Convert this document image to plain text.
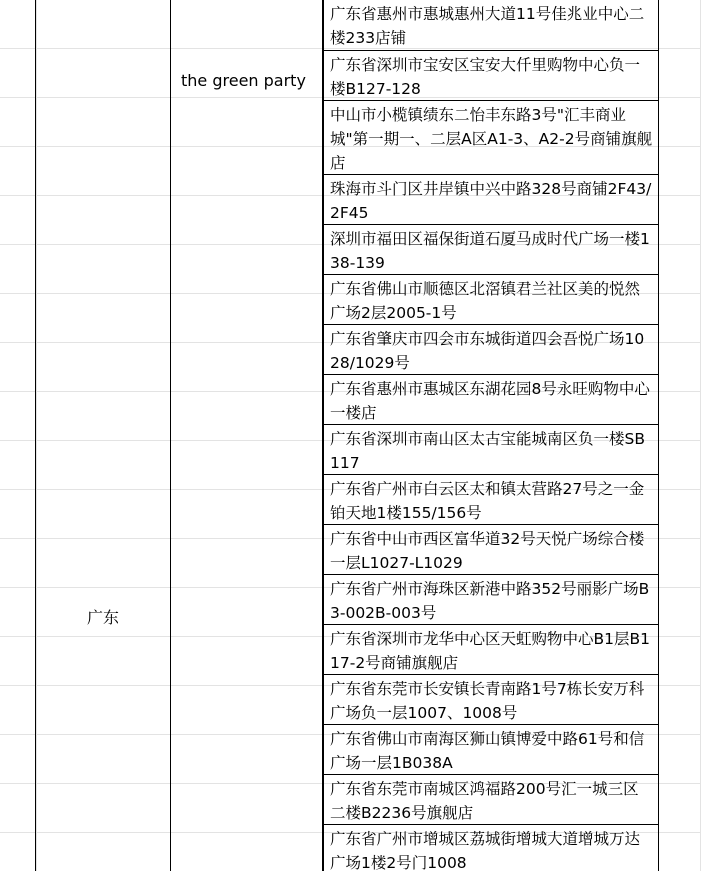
广东
the green party
广东省惠州市惠城惠州大道11号佳兆业中心二楼233店铺
广东省深圳市宝安区宝安大仟里购物中心负一楼B127-128
中山市小榄镇绩东二怡丰东路3号"汇丰商业城"第一期一、二层A区A1-3、A2-2号商铺旗舰店
珠海市斗门区井岸镇中兴中路328号商铺2F43/2F45
深圳市福田区福保街道石厦马成时代广场一楼138-139
广东省佛山市顺德区北滘镇君兰社区美的悦然广场2层2005-1号
广东省肇庆市四会市东城街道四会吾悦广场1028/1029号
广东省惠州市惠城区东湖花园8号永旺购物中心一楼店
广东省深圳市南山区太古宝能城南区负一楼SB117
广东省广州市白云区太和镇太营路27号之一金铂天地1楼155/156号
广东省中山市西区富华道32号天悦广场综合楼一层L1027-L1029
广东省广州市海珠区新港中路352号丽影广场B3-002B-003号
广东省深圳市龙华中心区天虹购物中心B1层B117-2号商铺旗舰店
广东省东莞市长安镇长青南路1号7栋长安万科广场负一层1007、1008号
广东省佛山市南海区狮山镇博爱中路61号和信广场一层1B038A
广东省东莞市南城区鸿福路200号汇一城三区二楼B2236号旗舰店
广东省广州市增城区荔城街增城大道增城万达广场1楼2号门1008
